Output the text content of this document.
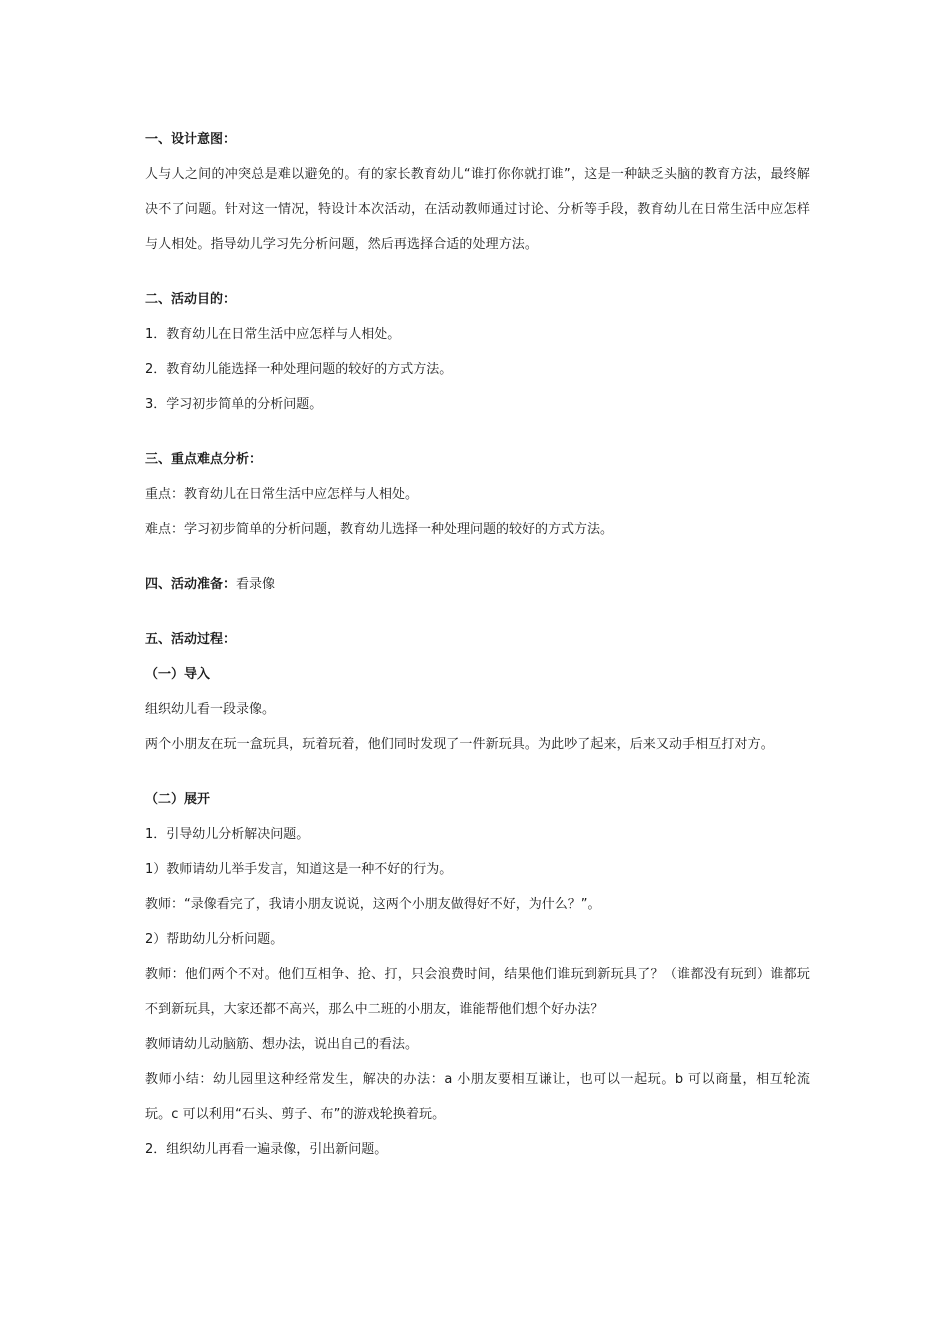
一、设计意图：
人与人之间的冲突总是难以避免的。有的家长教育幼儿“谁打你你就打谁”，这是一种缺乏头脑的教育方法，最终解决不了问题。针对这一情况，特设计本次活动，在活动教师通过讨论、分析等手段，教育幼儿在日常生活中应怎样与人相处。指导幼儿学习先分析问题，然后再选择合适的处理方法。
二、活动目的：
1．教育幼儿在日常生活中应怎样与人相处。
2．教育幼儿能选择一种处理问题的较好的方式方法。
3．学习初步简单的分析问题。
三、重点难点分析：
重点：教育幼儿在日常生活中应怎样与人相处。
难点：学习初步简单的分析问题，教育幼儿选择一种处理问题的较好的方式方法。
四、活动准备：看录像
五、活动过程：
（一）导入
组织幼儿看一段录像。
两个小朋友在玩一盒玩具，玩着玩着，他们同时发现了一件新玩具。为此吵了起来，后来又动手相互打对方。
（二）展开
1．引导幼儿分析解决问题。
1）教师请幼儿举手发言，知道这是一种不好的行为。
教师：“录像看完了，我请小朋友说说，这两个小朋友做得好不好，为什么？”。
2）帮助幼儿分析问题。
教师：他们两个不对。他们互相争、抢、打，只会浪费时间，结果他们谁玩到新玩具了？（谁都没有玩到）谁都玩不到新玩具，大家还都不高兴，那么中二班的小朋友，谁能帮他们想个好办法？
教师请幼儿动脑筋、想办法，说出自己的看法。
教师小结：幼儿园里这种经常发生，解决的办法：a 小朋友要相互谦让，也可以一起玩。b 可以商量，相互轮流玩。c 可以利用“石头、剪子、布”的游戏轮换着玩。
2．组织幼儿再看一遍录像，引出新问题。
